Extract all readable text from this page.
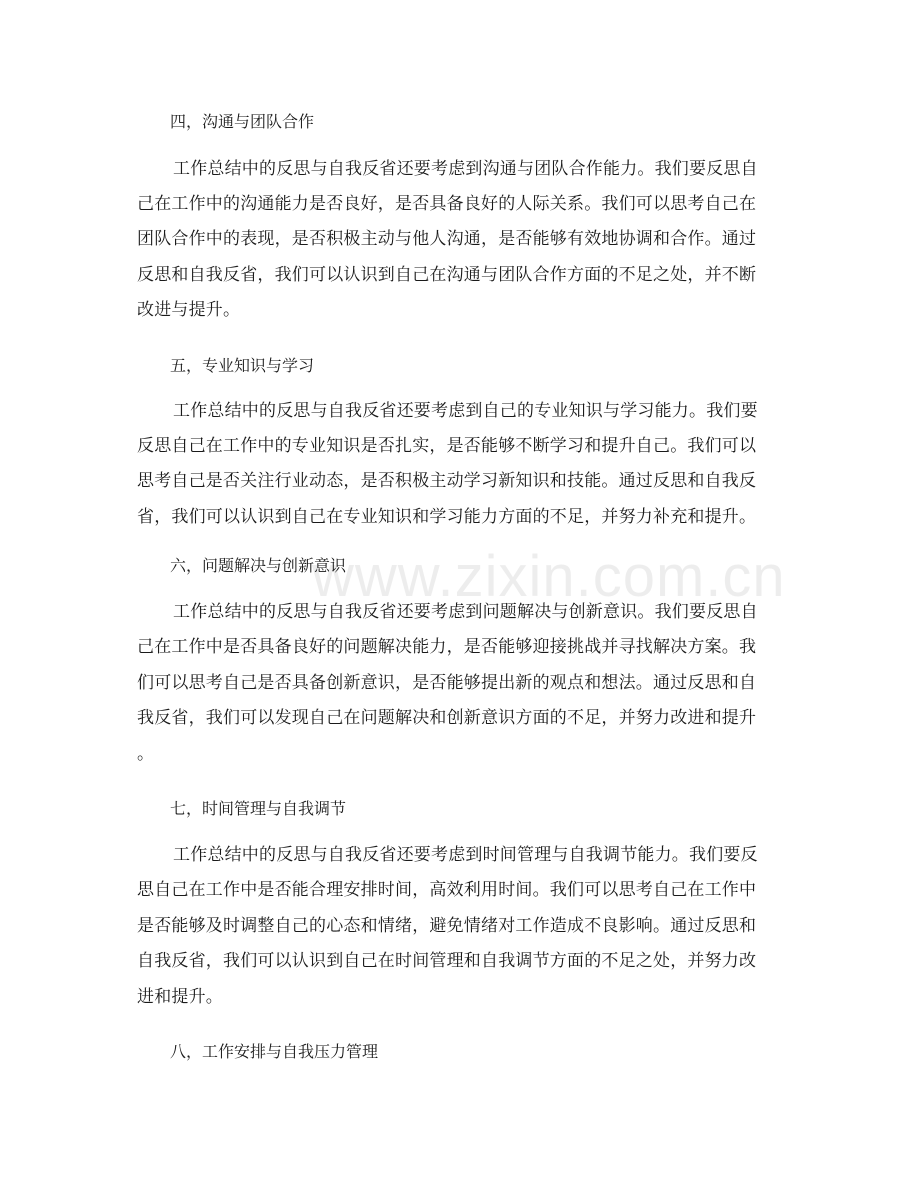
www.zixin.com.cn
四，沟通与团队合作
工作总结中的反思与自我反省还要考虑到沟通与团队合作能力。我们要反思自
己在工作中的沟通能力是否良好，是否具备良好的人际关系。我们可以思考自己在
团队合作中的表现，是否积极主动与他人沟通，是否能够有效地协调和合作。通过
反思和自我反省，我们可以认识到自己在沟通与团队合作方面的不足之处，并不断
改进与提升。
五，专业知识与学习
工作总结中的反思与自我反省还要考虑到自己的专业知识与学习能力。我们要
反思自己在工作中的专业知识是否扎实，是否能够不断学习和提升自己。我们可以
思考自己是否关注行业动态，是否积极主动学习新知识和技能。通过反思和自我反
省，我们可以认识到自己在专业知识和学习能力方面的不足，并努力补充和提升。
六，问题解决与创新意识
工作总结中的反思与自我反省还要考虑到问题解决与创新意识。我们要反思自
己在工作中是否具备良好的问题解决能力，是否能够迎接挑战并寻找解决方案。我
们可以思考自己是否具备创新意识，是否能够提出新的观点和想法。通过反思和自
我反省，我们可以发现自己在问题解决和创新意识方面的不足，并努力改进和提升
。
七，时间管理与自我调节
工作总结中的反思与自我反省还要考虑到时间管理与自我调节能力。我们要反
思自己在工作中是否能合理安排时间，高效利用时间。我们可以思考自己在工作中
是否能够及时调整自己的心态和情绪，避免情绪对工作造成不良影响。通过反思和
自我反省，我们可以认识到自己在时间管理和自我调节方面的不足之处，并努力改
进和提升。
八，工作安排与自我压力管理
